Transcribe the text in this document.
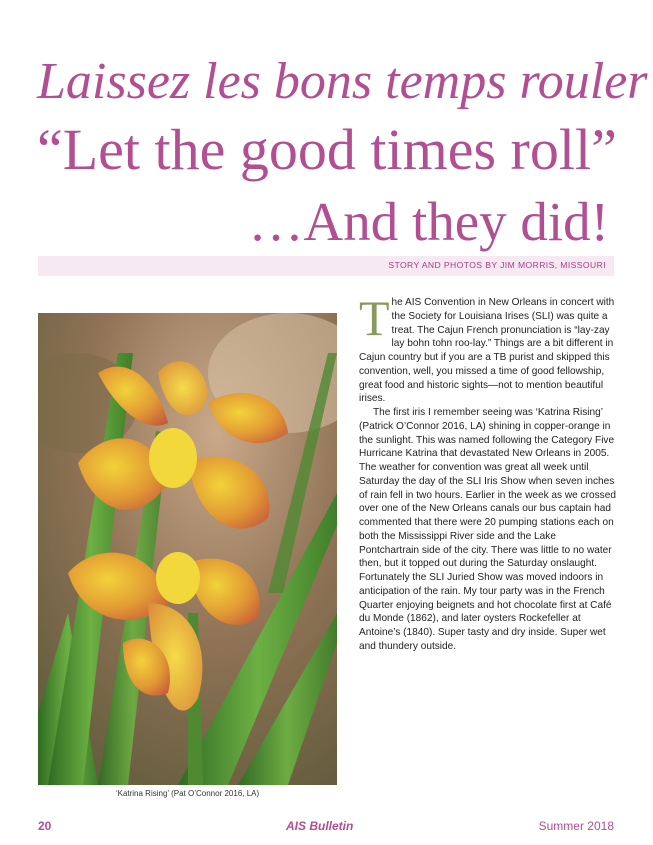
Laissez les bons temps rouler
“Let the good times roll”
…And they did!
STORY AND PHOTOS BY JIM MORRIS, MISSOURI
‘Katrina Rising’ (Pat O’Connor 2016, LA)

The AIS Convention in New Orleans in concert with the Society for Louisiana Irises (SLI) was quite a treat. The Cajun French pronunciation is “lay-zay lay bohn tohn roo-lay.” Things are a bit different in Cajun country but if you are a TB purist and skipped this convention, well, you missed a time of good fellowship, great food and historic sights—not to mention beautiful irises.

The first iris I remember seeing was ‘Katrina Rising’ (Patrick O’Connor 2016, LA) shining in copper-orange in the sunlight. This was named following the Category Five Hurricane Katrina that devastated New Orleans in 2005. The weather for convention was great all week until Saturday the day of the SLI Iris Show when seven inches of rain fell in two hours. Earlier in the week as we crossed over one of the New Orleans canals our bus captain had commented that there were 20 pumping stations each on both the Mississippi River side and the Lake Pontchartrain side of the city. There was little to no water then, but it topped out during the Saturday onslaught. Fortunately the SLI Juried Show was moved indoors in anticipation of the rain. My tour party was in the French Quarter enjoying beignets and hot chocolate first at Café du Monde (1862), and later oysters Rockefeller at Antoine’s (1840). Super tasty and dry inside. Super wet and thundery outside.

20	AIS Bulletin	Summer 2018
